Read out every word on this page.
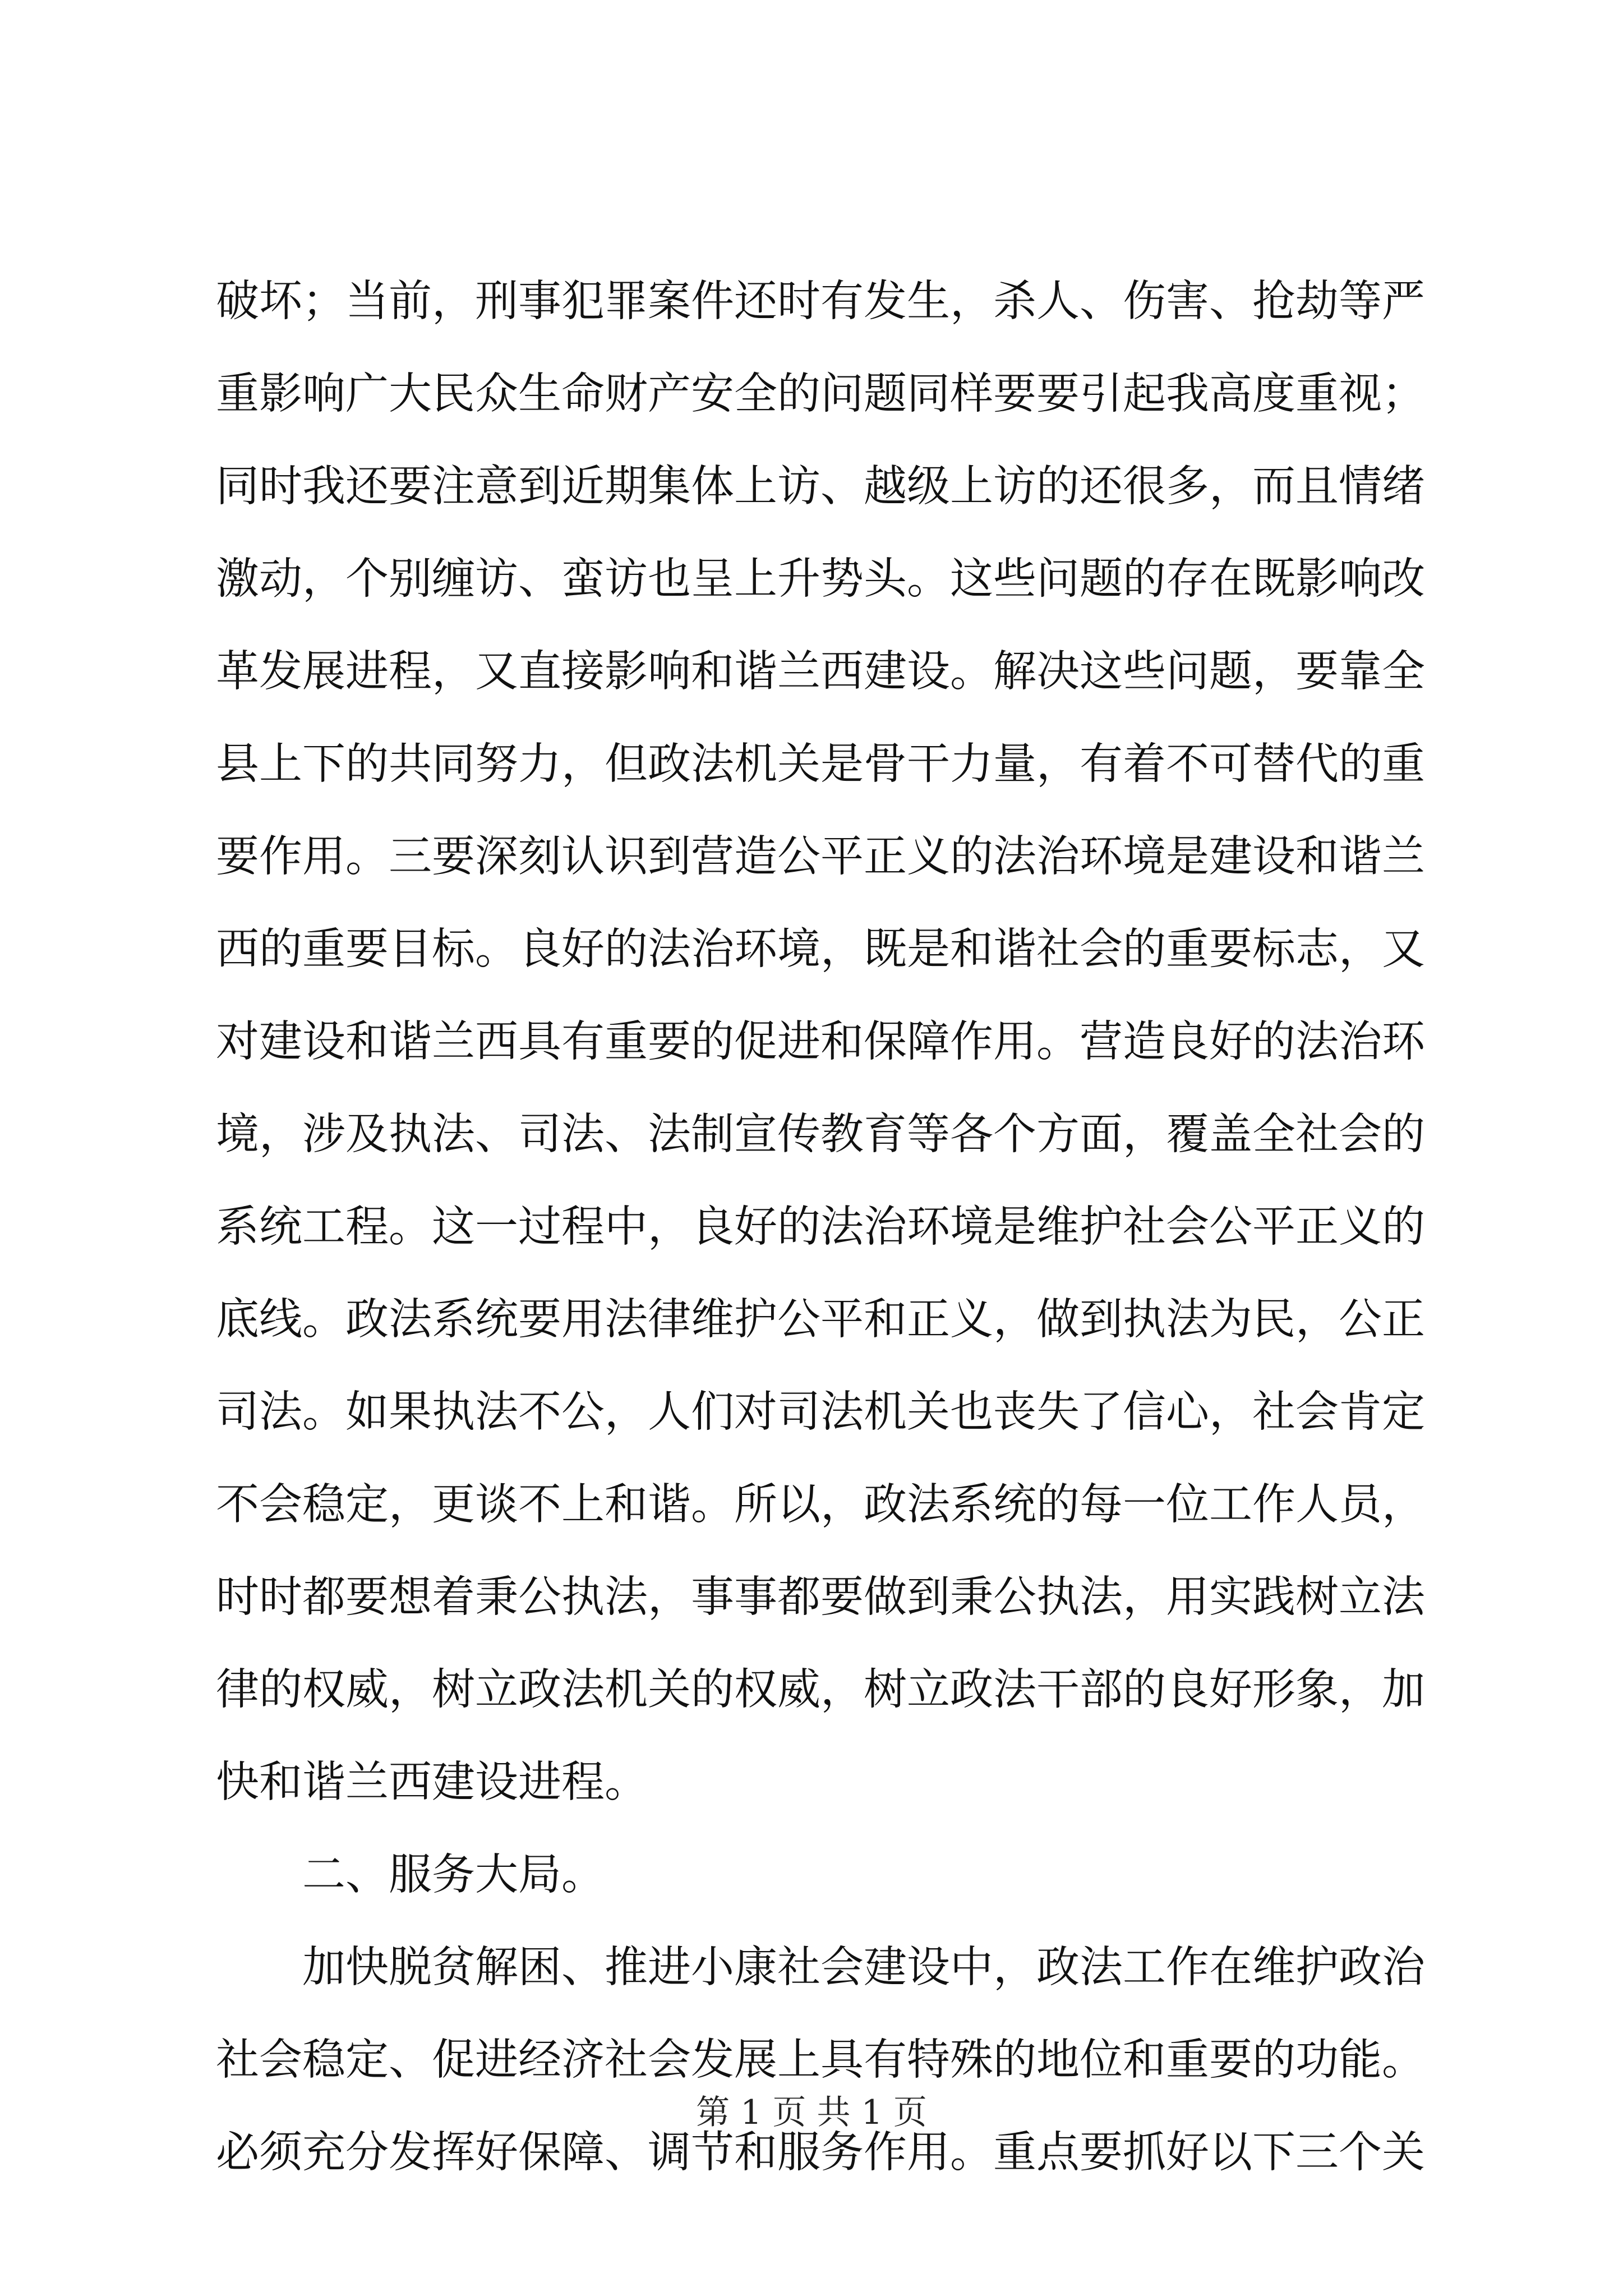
破 坏 ； 当 前 ， 刑 事 犯 罪 案 件 还 时 有 发 生 ， 杀 人 、 伤 害 、 抢 劫 等 严
重 影 响 广 大 民 众 生 命 财 产 安 全 的 问 题 同 样 要 要 引 起 我 高 度 重 视 ；
同 时 我 还 要 注 意 到 近 期 集 体 上 访 、 越 级 上 访 的 还 很 多 ， 而 且 情 绪
激 动 ， 个 别 缠 访 、 蛮 访 也 呈 上 升 势 头 。 这 些 问 题 的 存 在 既 影 响 改
革 发 展 进 程 ， 又 直 接 影 响 和 谐 兰 西 建 设 。 解 决 这 些 问 题 ， 要 靠 全
县 上 下 的 共 同 努 力 ， 但 政 法 机 关 是 骨 干 力 量 ， 有 着 不 可 替 代 的 重
要 作 用 。 三 要 深 刻 认 识 到 营 造 公 平 正 义 的 法 治 环 境 是 建 设 和 谐 兰
西 的 重 要 目 标 。 良 好 的 法 治 环 境 ， 既 是 和 谐 社 会 的 重 要 标 志 ， 又
对 建 设 和 谐 兰 西 具 有 重 要 的 促 进 和 保 障 作 用 。 营 造 良 好 的 法 治 环
境 ， 涉 及 执 法 、 司 法 、 法 制 宣 传 教 育 等 各 个 方 面 ， 覆 盖 全 社 会 的
系 统 工 程 。 这 一 过 程 中 ， 良 好 的 法 治 环 境 是 维 护 社 会 公 平 正 义 的
底 线 。 政 法 系 统 要 用 法 律 维 护 公 平 和 正 义 ， 做 到 执 法 为 民 ， 公 正
司 法 。 如 果 执 法 不 公 ， 人 们 对 司 法 机 关 也 丧 失 了 信 心 ， 社 会 肯 定
不 会 稳 定 ， 更 谈 不 上 和 谐 。 所 以 ， 政 法 系 统 的 每 一 位 工 作 人 员 ，
时 时 都 要 想 着 秉 公 执 法 ， 事 事 都 要 做 到 秉 公 执 法 ， 用 实 践 树 立 法
律 的 权 威 ， 树 立 政 法 机 关 的 权 威 ， 树 立 政 法 干 部 的 良 好 形 象 ， 加
快和谐兰西建设进程。
二、服务大局。
加 快 脱 贫 解 困 、 推 进 小 康 社 会 建 设 中 ， 政 法 工 作 在 维 护 政 治
社 会 稳 定 、 促 进 经 济 社 会 发 展 上 具 有 特 殊 的 地 位 和 重 要 的 功 能 。
必 须 充 分 发 挥 好 保 障 、 调 节 和 服 务 作 用 。 重 点 要 抓 好 以 下 三 个 关
第 1 页 共 1 页
